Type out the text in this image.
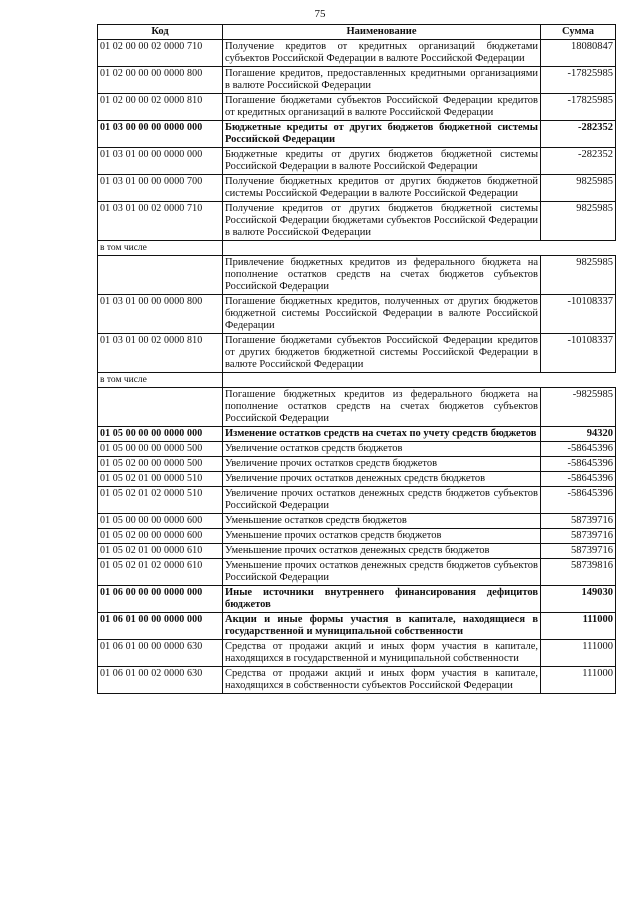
75
Код	Наименование	Сумма
01 02 00 00 02 0000 710	Получение кредитов от кредитных организаций бюджетами субъектов Российской Федерации в валюте Российской Федерации	18080847
01 02 00 00 00 0000 800	Погашение кредитов, предоставленных кредитными организациями в валюте Российской Федерации	-17825985
01 02 00 00 02 0000 810	Погашение бюджетами субъектов Российской Федерации кредитов от кредитных организаций в валюте Российской Федерации	-17825985
01 03 00 00 00 0000 000	Бюджетные кредиты от других бюджетов бюджетной системы Российской Федерации	-282352
01 03 01 00 00 0000 000	Бюджетные кредиты от других бюджетов бюджетной системы Российской Федерации в валюте Российской Федерации	-282352
01 03 01 00 00 0000 700	Получение бюджетных кредитов от других бюджетов бюджетной системы Российской Федерации в валюте Российской Федерации	9825985
01 03 01 00 02 0000 710	Получение кредитов от других бюджетов бюджетной системы Российской Федерации бюджетами субъектов Российской Федерации в валюте Российской Федерации	9825985
в том числе		
	Привлечение бюджетных кредитов из федерального бюджета на пополнение остатков средств на счетах бюджетов субъектов Российской Федерации	9825985
01 03 01 00 00 0000 800	Погашение бюджетных кредитов, полученных от других бюджетов бюджетной системы Российской Федерации в валюте Российской Федерации	-10108337
01 03 01 00 02 0000 810	Погашение бюджетами субъектов Российской Федерации кредитов от других бюджетов бюджетной системы Российской Федерации в валюте Российской Федерации	-10108337
в том числе		
	Погашение бюджетных кредитов из федерального бюджета на пополнение остатков средств на счетах бюджетов субъектов Российской Федерации	-9825985
01 05 00 00 00 0000 000	Изменение остатков средств на счетах по учету средств бюджетов	94320
01 05 00 00 00 0000 500	Увеличение остатков средств бюджетов	-58645396
01 05 02 00 00 0000 500	Увеличение прочих остатков средств бюджетов	-58645396
01 05 02 01 00 0000 510	Увеличение прочих остатков денежных средств бюджетов	-58645396
01 05 02 01 02 0000 510	Увеличение прочих остатков денежных средств бюджетов субъектов Российской Федерации	-58645396
01 05 00 00 00 0000 600	Уменьшение остатков средств бюджетов	58739716
01 05 02 00 00 0000 600	Уменьшение прочих остатков средств бюджетов	58739716
01 05 02 01 00 0000 610	Уменьшение прочих остатков денежных средств бюджетов	58739716
01 05 02 01 02 0000 610	Уменьшение прочих остатков денежных средств бюджетов субъектов Российской Федерации	58739816
01 06 00 00 00 0000 000	Иные источники внутреннего финансирования дефицитов бюджетов	149030
01 06 01 00 00 0000 000	Акции и иные формы участия в капитале, находящиеся в государственной и муниципальной собственности	111000
01 06 01 00 00 0000 630	Средства от продажи акций и иных форм участия в капитале, находящихся в государственной и муниципальной собственности	111000
01 06 01 00 02 0000 630	Средства от продажи акций и иных форм участия в капитале, находящихся в собственности субъектов Российской Федерации	111000
